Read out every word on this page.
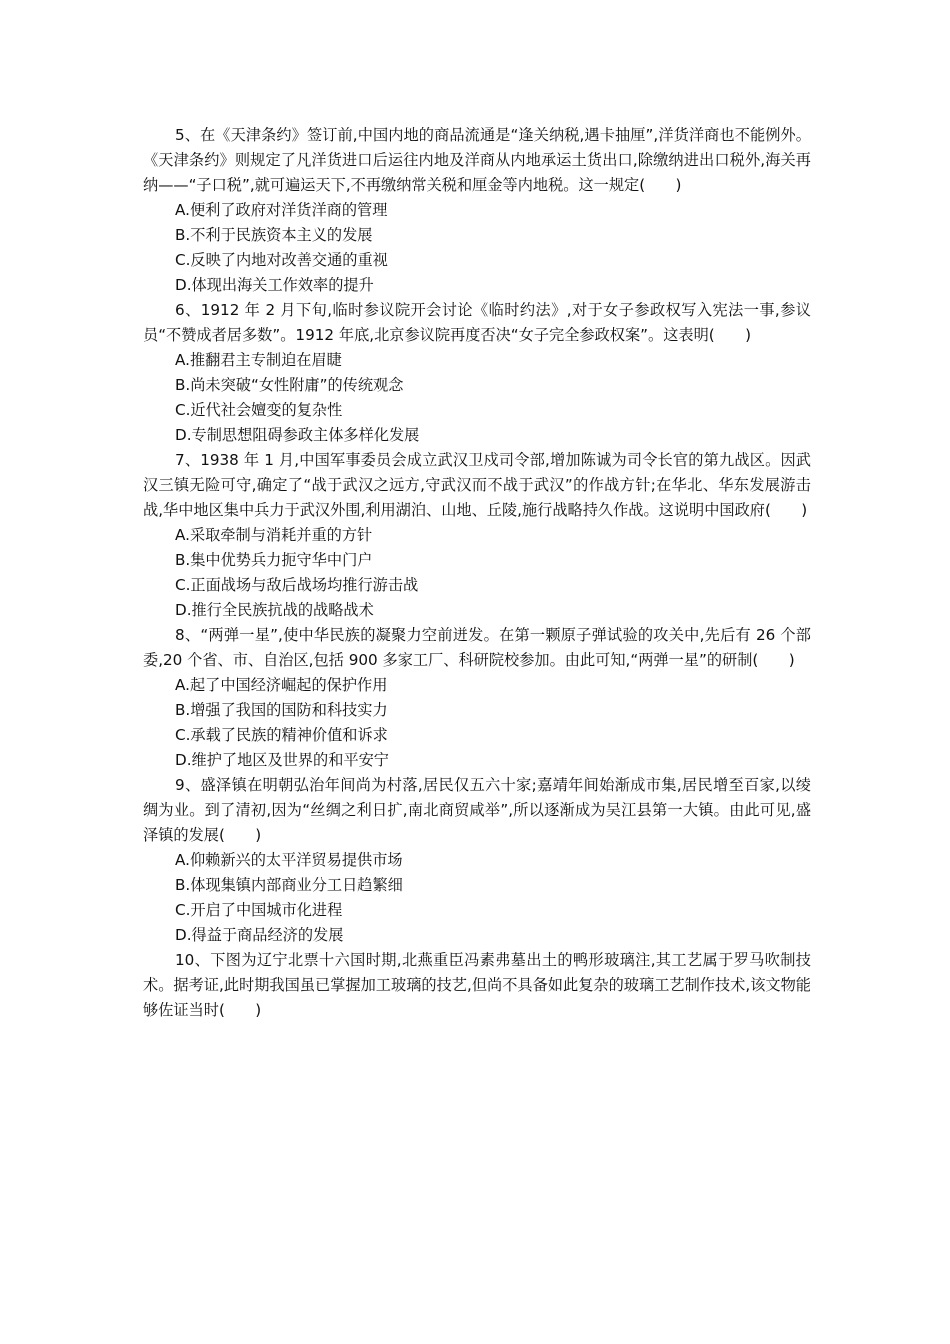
5、在《天津条约》签订前,中国内地的商品流通是“逢关纳税,遇卡抽厘”,洋货洋商也不能例外。《天津条约》则规定了凡洋货进口后运往内地及洋商从内地承运土货出口,除缴纳进出口税外,海关再纳——“子口税”,就可遍运天下,不再缴纳常关税和厘金等内地税。这一规定(　　)

A.便利了政府对洋货洋商的管理

B.不利于民族资本主义的发展

C.反映了内地对改善交通的重视

D.体现出海关工作效率的提升

6、1912 年 2 月下旬,临时参议院开会讨论《临时约法》,对于女子参政权写入宪法一事,参议员“不赞成者居多数”。1912 年底,北京参议院再度否决“女子完全参政权案”。这表明(　　)

A.推翻君主专制迫在眉睫

B.尚未突破“女性附庸”的传统观念

C.近代社会嬗变的复杂性

D.专制思想阻碍参政主体多样化发展

7、1938 年 1 月,中国军事委员会成立武汉卫戍司令部,增加陈诚为司令长官的第九战区。因武汉三镇无险可守,确定了“战于武汉之远方,守武汉而不战于武汉”的作战方针;在华北、华东发展游击战,华中地区集中兵力于武汉外围,利用湖泊、山地、丘陵,施行战略持久作战。这说明中国政府(　　)

A.采取牵制与消耗并重的方针

B.集中优势兵力扼守华中门户

C.正面战场与敌后战场均推行游击战

D.推行全民族抗战的战略战术

8、“两弹一星”,使中华民族的凝聚力空前迸发。在第一颗原子弹试验的攻关中,先后有 26 个部委,20 个省、市、自治区,包括 900 多家工厂、科研院校参加。由此可知,“两弹一星”的研制(　　)

A.起了中国经济崛起的保护作用

B.增强了我国的国防和科技实力

C.承载了民族的精神价值和诉求

D.维护了地区及世界的和平安宁

9、盛泽镇在明朝弘治年间尚为村落,居民仅五六十家;嘉靖年间始渐成市集,居民增至百家,以绫绸为业。到了清初,因为“丝绸之利日扩,南北商贸咸举”,所以逐渐成为吴江县第一大镇。由此可见,盛泽镇的发展(　　)

A.仰赖新兴的太平洋贸易提供市场

B.体现集镇内部商业分工日趋繁细

C.开启了中国城市化进程

D.得益于商品经济的发展

10、下图为辽宁北票十六国时期,北燕重臣冯素弗墓出土的鸭形玻璃注,其工艺属于罗马吹制技术。据考证,此时期我国虽已掌握加工玻璃的技艺,但尚不具备如此复杂的玻璃工艺制作技术,该文物能够佐证当时(　　)
